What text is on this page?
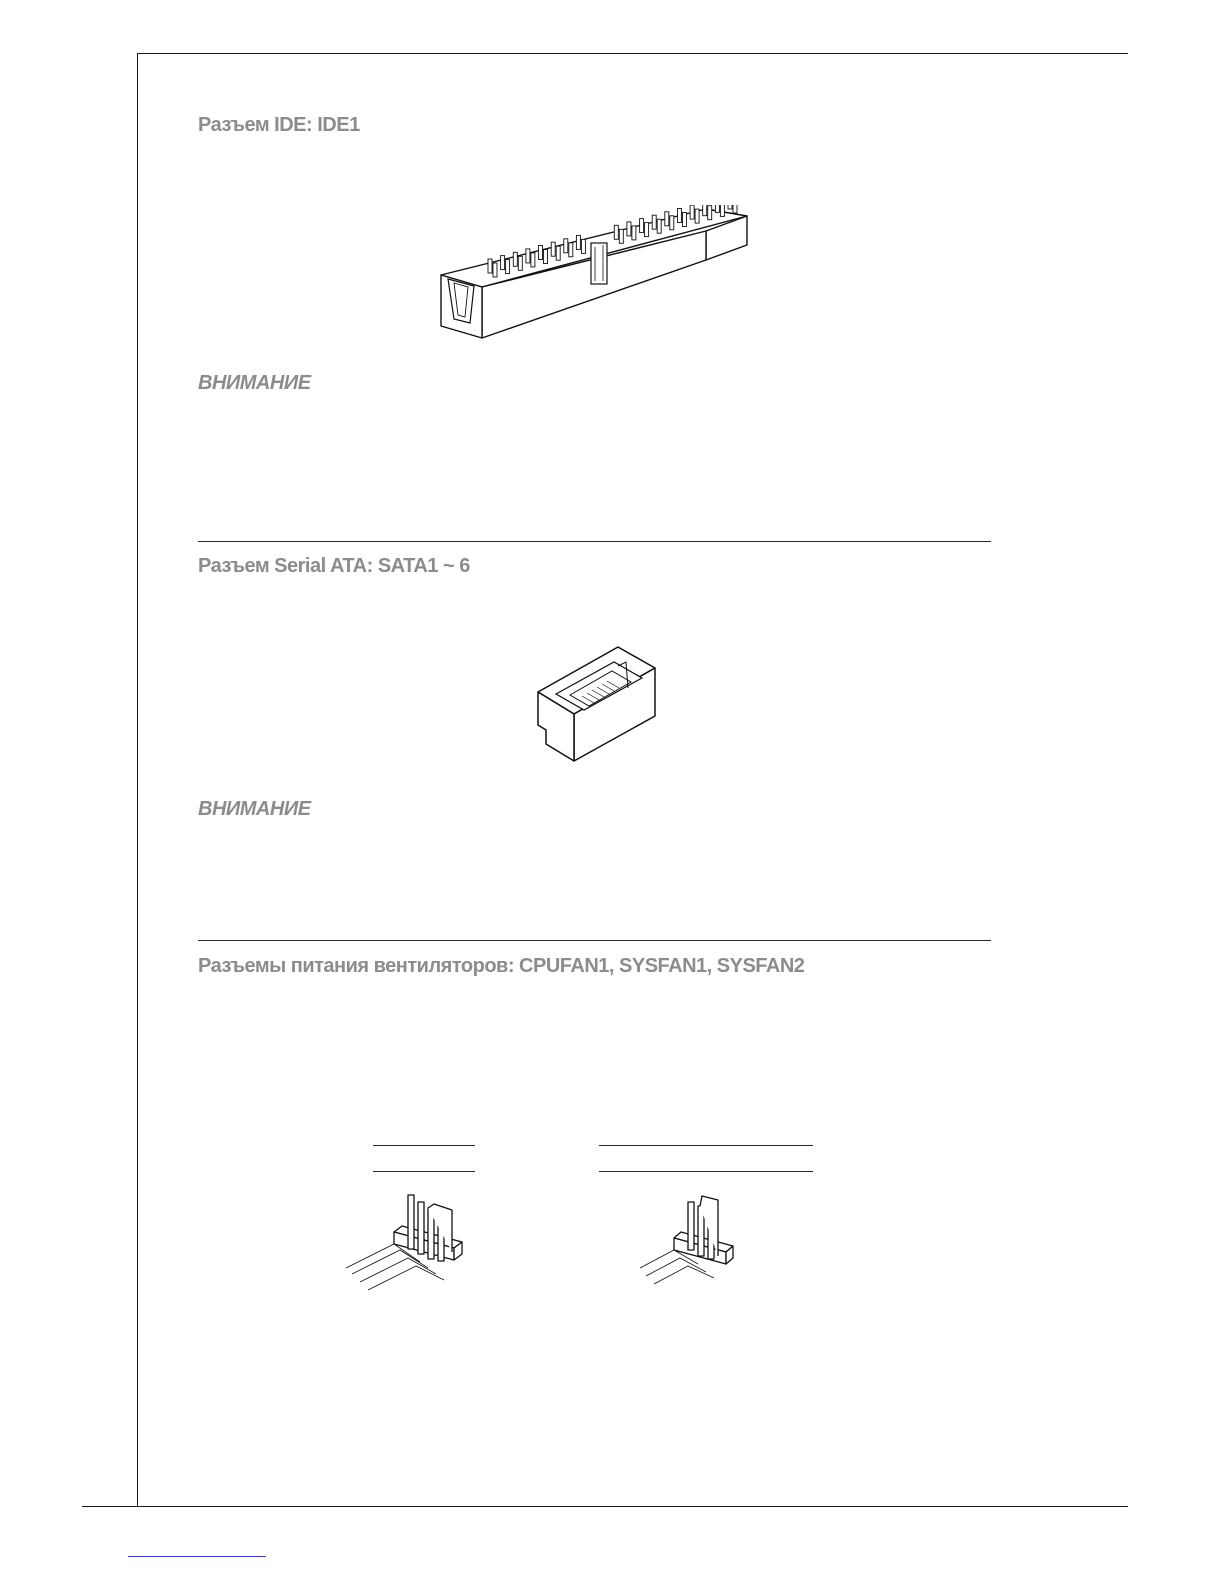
Разъем IDE: IDE1

ВНИМАНИЕ

Разъем Serial ATA: SATA1 ~ 6

ВНИМАНИЕ

Разъемы питания вентиляторов: CPUFAN1, SYSFAN1, SYSFAN2
